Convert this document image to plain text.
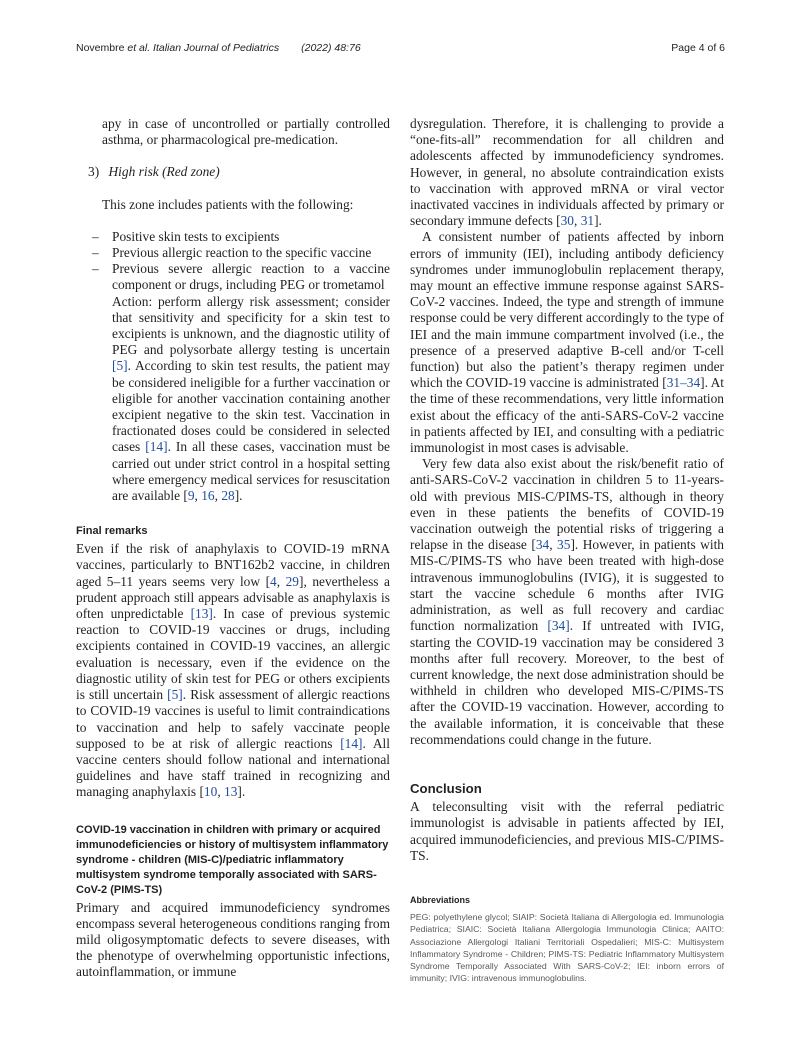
Novembre et al. Italian Journal of Pediatrics (2022) 48:76	Page 4 of 6

apy in case of uncontrolled or partially controlled asthma, or pharmacological pre-medication.

3) High risk (Red zone)

This zone includes patients with the following:

– Positive skin tests to excipients
– Previous allergic reaction to the specific vaccine
– Previous severe allergic reaction to a vaccine component or drugs, including PEG or trometamol

Action: perform allergy risk assessment; consider that sensitivity and specificity for a skin test to excipients is unknown, and the diagnostic utility of PEG and polysorbate allergy testing is uncertain [5]. According to skin test results, the patient may be considered ineligible for a further vaccination or eligible for another vaccination containing another excipient negative to the skin test. Vaccination in fractionated doses could be considered in selected cases [14]. In all these cases, vaccination must be carried out under strict control in a hospital setting where emergency medical services for resuscitation are available [9, 16, 28].

Final remarks

Even if the risk of anaphylaxis to COVID-19 mRNA vaccines, particularly to BNT162b2 vaccine, in children aged 5–11 years seems very low [4, 29], nevertheless a prudent approach still appears advisable as anaphylaxis is often unpredictable [13]. In case of previous systemic reaction to COVID-19 vaccines or drugs, including excipients contained in COVID-19 vaccines, an allergic evaluation is necessary, even if the evidence on the diagnostic utility of skin test for PEG or others excipients is still uncertain [5]. Risk assessment of allergic reactions to COVID-19 vaccines is useful to limit contraindications to vaccination and help to safely vaccinate people supposed to be at risk of allergic reactions [14]. All vaccine centers should follow national and international guidelines and have staff trained in recognizing and managing anaphylaxis [10, 13].

COVID-19 vaccination in children with primary or acquired immunodeficiencies or history of multisystem inflammatory syndrome - children (MIS-C)/pediatric inflammatory multisystem syndrome temporally associated with SARS-CoV-2 (PIMS-TS)

Primary and acquired immunodeficiency syndromes encompass several heterogeneous conditions ranging from mild oligosymptomatic defects to severe diseases, with the phenotype of overwhelming opportunistic infections, autoinflammation, or immune

dysregulation. Therefore, it is challenging to provide a “one-fits-all” recommendation for all children and adolescents affected by immunodeficiency syndromes. However, in general, no absolute contraindication exists to vaccination with approved mRNA or viral vector inactivated vaccines in individuals affected by primary or secondary immune defects [30, 31].

A consistent number of patients affected by inborn errors of immunity (IEI), including antibody deficiency syndromes under immunoglobulin replacement therapy, may mount an effective immune response against SARS-CoV-2 vaccines. Indeed, the type and strength of immune response could be very different accordingly to the type of IEI and the main immune compartment involved (i.e., the presence of a preserved adaptive B-cell and/or T-cell function) but also the patient’s therapy regimen under which the COVID-19 vaccine is administrated [31–34]. At the time of these recommendations, very little information exist about the efficacy of the anti-SARS-CoV-2 vaccine in patients affected by IEI, and consulting with a pediatric immunologist in most cases is advisable.

Very few data also exist about the risk/benefit ratio of anti-SARS-CoV-2 vaccination in children 5 to 11-years-old with previous MIS-C/PIMS-TS, although in theory even in these patients the benefits of COVID-19 vaccination outweigh the potential risks of triggering a relapse in the disease [34, 35]. However, in patients with MIS-C/PIMS-TS who have been treated with high-dose intravenous immunoglobulins (IVIG), it is suggested to start the vaccine schedule 6 months after IVIG administration, as well as full recovery and cardiac function normalization [34]. If untreated with IVIG, starting the COVID-19 vaccination may be considered 3 months after full recovery. Moreover, to the best of current knowledge, the next dose administration should be withheld in children who developed MIS-C/PIMS-TS after the COVID-19 vaccination. However, according to the available information, it is conceivable that these recommendations could change in the future.

Conclusion

A teleconsulting visit with the referral pediatric immunologist is advisable in patients affected by IEI, acquired immunodeficiencies, and previous MIS-C/PIMS-TS.

Abbreviations

PEG: polyethylene glycol; SIAIP: Società Italiana di Allergologia ed. Immunologia Pediatrica; SIAIC: Società Italiana Allergologia Immunologia Clinica; AAITO: Associazione Allergologi Italiani Territoriali Ospedalieri; MIS-C: Multisystem Inflammatory Syndrome - Children; PIMS-TS: Pediatric Inflammatory Multisystem Syndrome Temporally Associated With SARS-CoV-2; IEI: inborn errors of immunity; IVIG: intravenous immunoglobulins.
